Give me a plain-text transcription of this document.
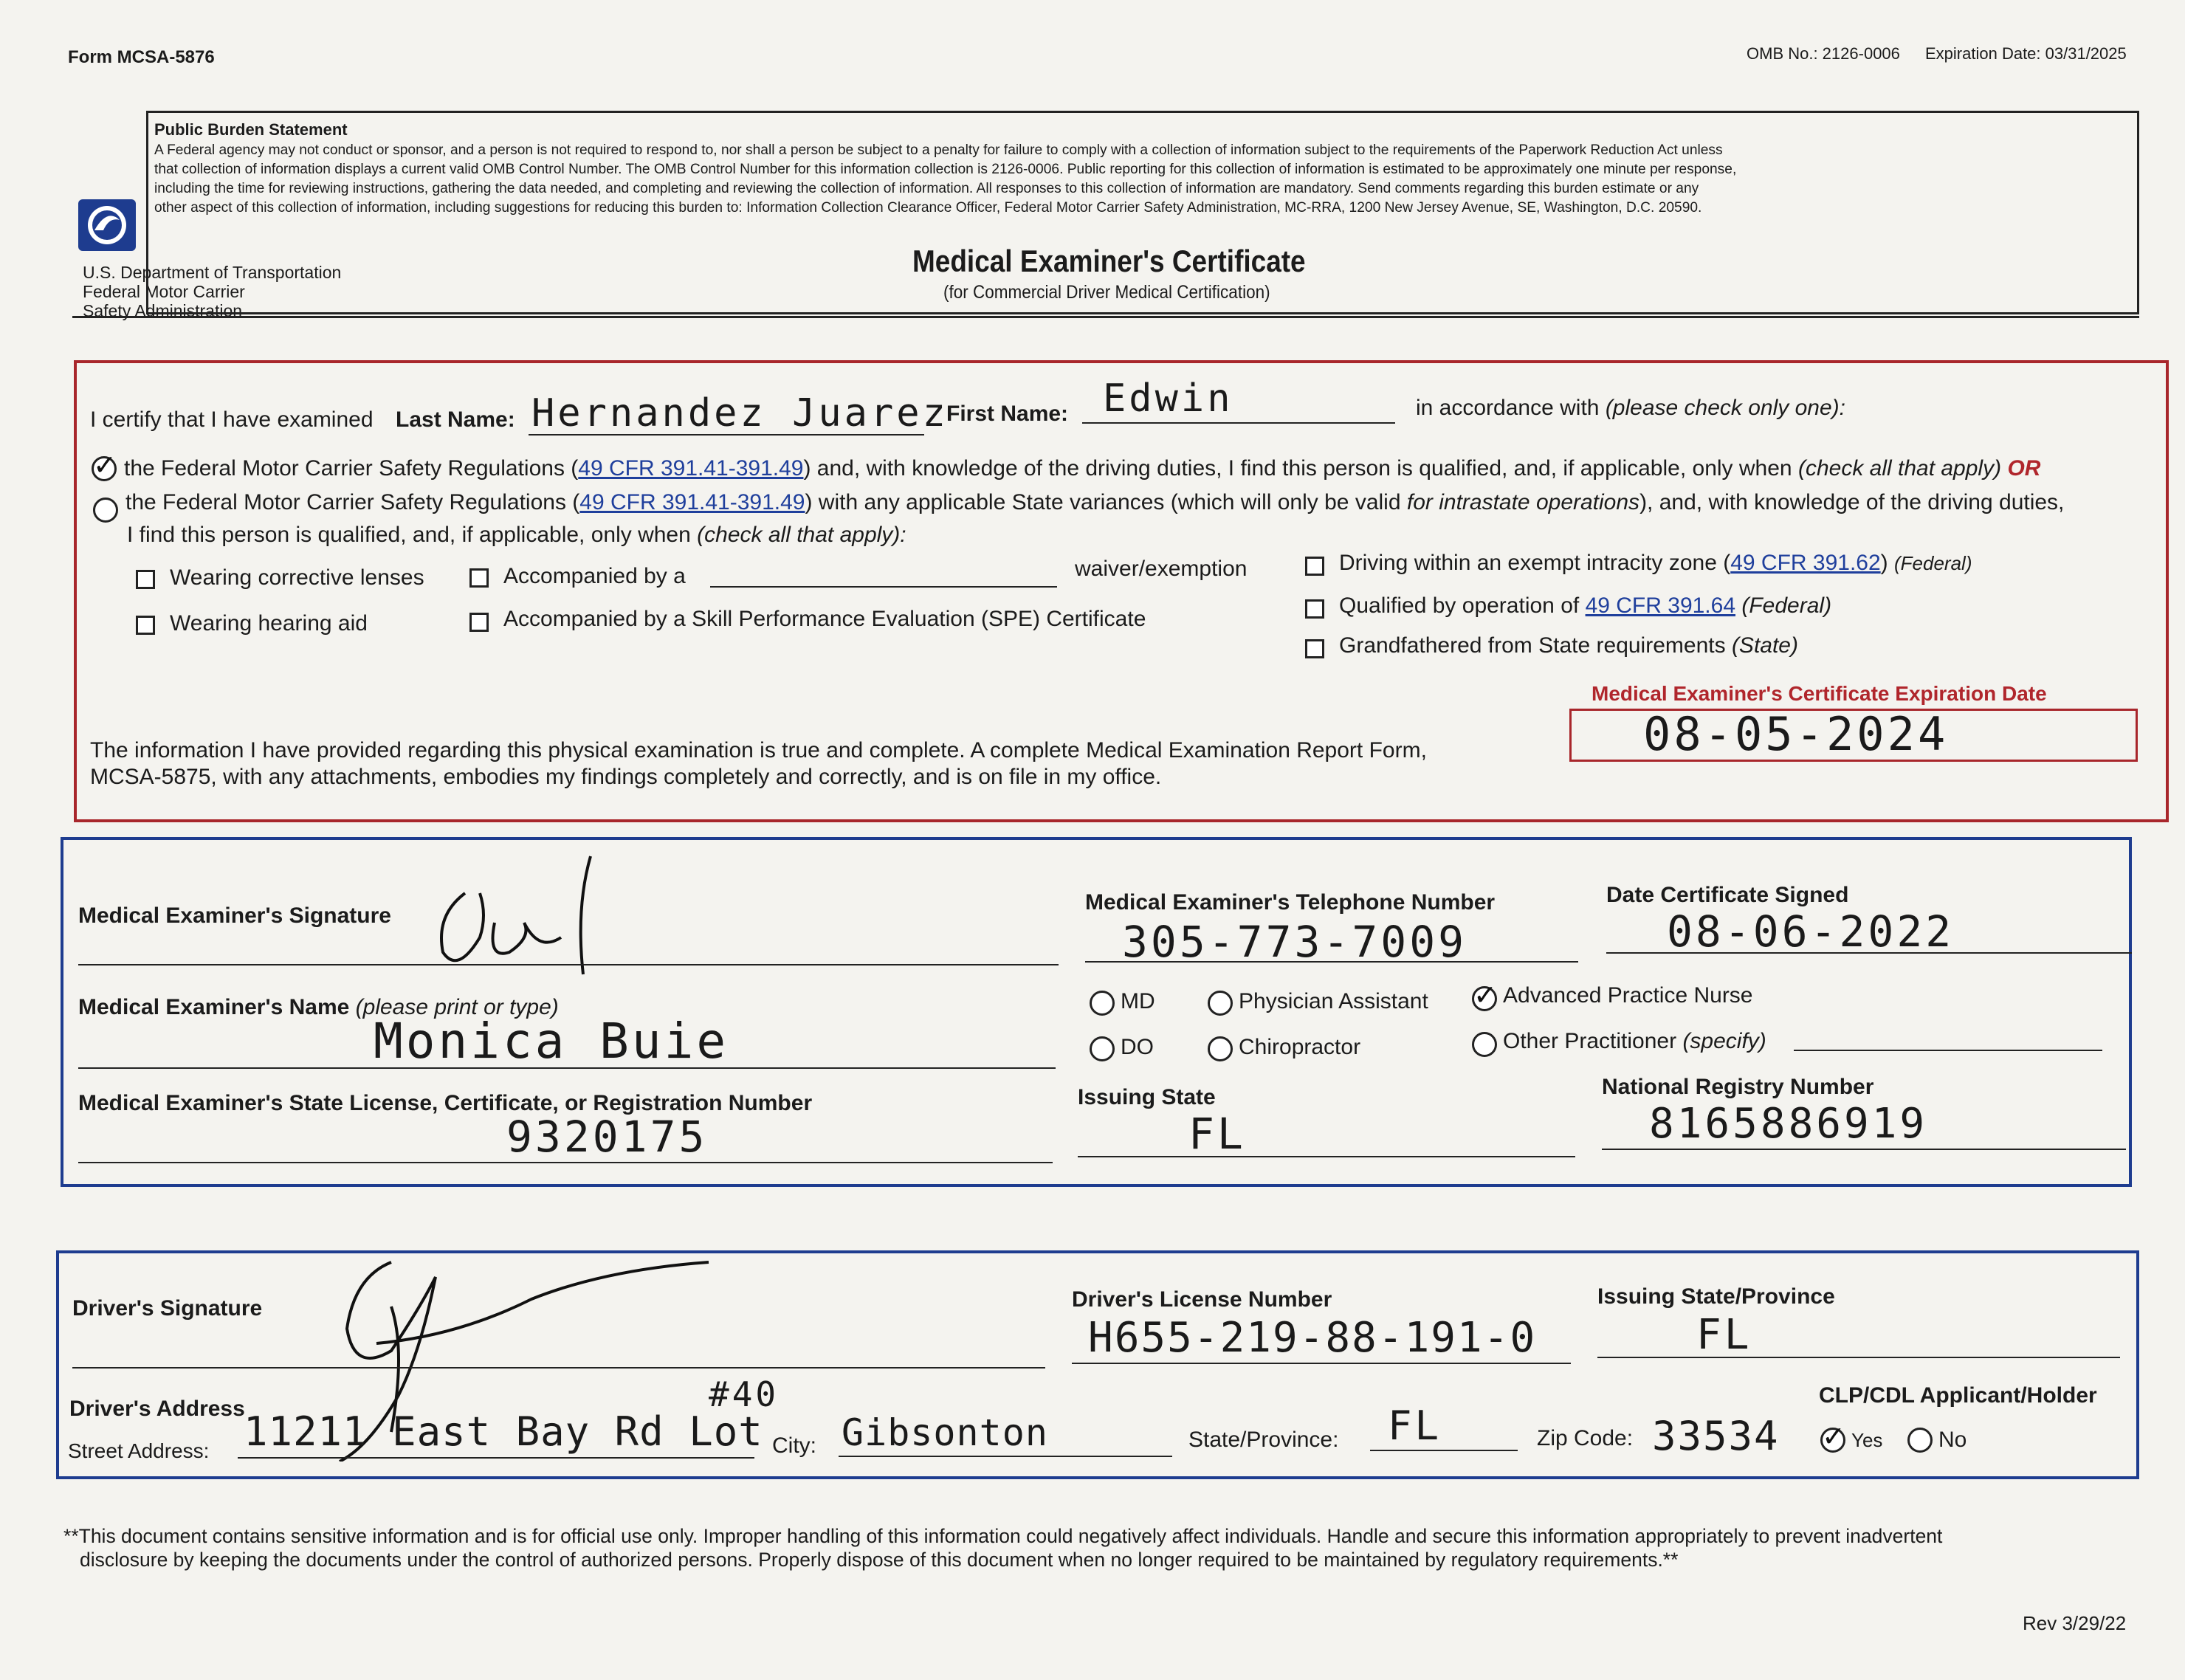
Form MCSA-5876	OMB No.: 2126-0006 Expiration Date: 03/31/2025
Public Burden Statement
A Federal agency may not conduct or sponsor, and a person is not required to respond to, nor shall a person be subject to a penalty for failure to comply with a collection of information subject to the requirements of the Paperwork Reduction Act unless
that collection of information displays a current valid OMB Control Number. The OMB Control Number for this information collection is 2126-0006. Public reporting for this collection of information is estimated to be approximately one minute per response,
including the time for reviewing instructions, gathering the data needed, and completing and reviewing the collection of information. All responses to this collection of information are mandatory. Send comments regarding this burden estimate or any
other aspect of this collection of information, including suggestions for reducing this burden to: Information Collection Clearance Officer, Federal Motor Carrier Safety Administration, MC-RRA, 1200 New Jersey Avenue, SE, Washington, D.C. 20590.
U.S. Department of Transportation
Federal Motor Carrier
Safety Administration
Medical Examiner's Certificate
(for Commercial Driver Medical Certification)
I certify that I have examined Last Name: Hernandez Juarez
First Name: Edwin	in accordance with (please check only one):
✓ the Federal Motor Carrier Safety Regulations (49 CFR 391.41-391.49) and, with knowledge of the driving duties, I find this person is qualified, and, if applicable, only when (check all that apply) OR
the Federal Motor Carrier Safety Regulations (49 CFR 391.41-391.49) with any applicable State variances (which will only be valid for intrastate operations), and, with knowledge of the driving duties,
I find this person is qualified, and, if applicable, only when (check all that apply):
Wearing corrective lenses
Wearing hearing aid
Accompanied by a	waiver/exemption
Accompanied by a Skill Performance Evaluation (SPE) Certificate
Driving within an exempt intracity zone (49 CFR 391.62) (Federal)
Qualified by operation of 49 CFR 391.64 (Federal)
Grandfathered from State requirements (State)
Medical Examiner's Certificate Expiration Date
08-05-2024
The information I have provided regarding this physical examination is true and complete. A complete Medical Examination Report Form,
MCSA-5875, with any attachments, embodies my findings completely and correctly, and is on file in my office.
Medical Examiner's Signature
Medical Examiner's Telephone Number
305-773-7009
Date Certificate Signed
08-06-2022
Medical Examiner's Name (please print or type)
Monica Buie
MD	Physician Assistant ✓ Advanced Practice Nurse
DO	Chiropractor	Other Practitioner (specify)
Medical Examiner's State License, Certificate, or Registration Number
9320175
Issuing State
FL
National Registry Number
8165886919
Driver's Signature	Driver's License Number
H655-219-88-191-0
Issuing State/Province
FL
Driver's Address
CLP/CDL Applicant/Holder
Street Address:
#40
11211 East Bay Rd Lot City: Gibsonton	State/Province: FL	Zip Code: 33534 ✓ Yes	No
**This document contains sensitive information and is for official use only. Improper handling of this information could negatively affect individuals. Handle and secure this information appropriately to prevent inadvertent
disclosure by keeping the documents under the control of authorized persons. Properly dispose of this document when no longer required to be maintained by regulatory requirements.**
Rev 3/29/22
